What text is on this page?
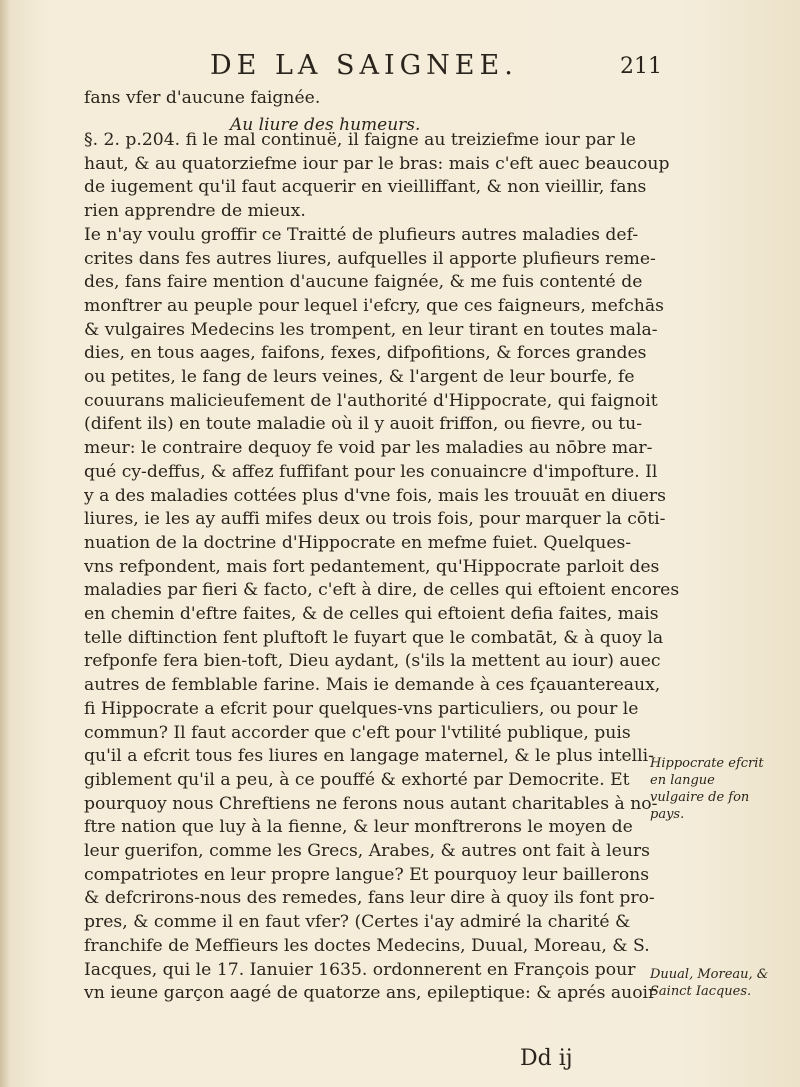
DE LA SAIGNEE.	211
fans vfer d'aucune faignée.
Au liure des humeurs.
§. 2. p.204. fi le mal continuë, il faigne au treiziefme iour par le
haut, & au quatorziefme iour par le bras: mais c'eft auec beaucoup
de iugement qu'il faut acquerir en vieilliffant, & non vieillir, fans
rien apprendre de mieux.
Ie n'ay voulu groffir ce Traitté de plufieurs autres maladies def-
crites dans fes autres liures, aufquelles il apporte plufieurs reme-
des, fans faire mention d'aucune faignée, & me fuis contenté de
monftrer au peuple pour lequel i'efcry, que ces faigneurs, mefchās
& vulgaires Medecins les trompent, en leur tirant en toutes mala-
dies, en tous aages, faifons, fexes, difpofitions, & forces grandes
ou petites, le fang de leurs veines, & l'argent de leur bourfe, fe
couurans malicieufement de l'authorité d'Hippocrate, qui faignoit
(difent ils) en toute maladie où il y auoit friffon, ou fievre, ou tu-
meur: le contraire dequoy fe void par les maladies au nōbre mar-
qué cy-deffus, & affez fuffifant pour les conuaincre d'impofture. Il
y a des maladies cottées plus d'vne fois, mais les trouuāt en diuers
liures, ie les ay auffi mifes deux ou trois fois, pour marquer la cōti-
nuation de la doctrine d'Hippocrate en mefme fuiet. Quelques-
vns refpondent, mais fort pedantement, qu'Hippocrate parloit des
maladies par fieri & facto, c'eft à dire, de celles qui eftoient encores
en chemin d'eftre faites, & de celles qui eftoient defia faites, mais
telle diftinction fent pluftoft le fuyart que le combatāt, & à quoy la
refponfe fera bien-toft, Dieu aydant, (s'ils la mettent au iour) auec
autres de femblable farine. Mais ie demande à ces fçauantereaux,
fi Hippocrate a efcrit pour quelques-vns particuliers, ou pour le
commun? Il faut accorder que c'eft pour l'vtilité publique, puis
qu'il a efcrit tous fes liures en langage maternel, & le plus intelli-
giblement qu'il a peu, à ce pouffé & exhorté par Democrite. Et
pourquoy nous Chreftiens ne ferons nous autant charitables à no-
ftre nation que luy à la fienne, & leur monftrerons le moyen de
leur guerifon, comme les Grecs, Arabes, & autres ont fait à leurs
compatriotes en leur propre langue? Et pourquoy leur baillerons
& defcrirons-nous des remedes, fans leur dire à quoy ils font pro-
pres, & comme il en faut vfer? (Certes i'ay admiré la charité &
franchife de Meffieurs les doctes Medecins, Duual, Moreau, & S.
Iacques, qui le 17. Ianuier 1635. ordonnerent en François pour
vn ieune garçon aagé de quatorze ans, epileptique: & aprés auoir
Hippocrate efcrit en langue vulgaire de fon pays.
Duual, Moreau, & Sainct Iacques.
Dd ij
